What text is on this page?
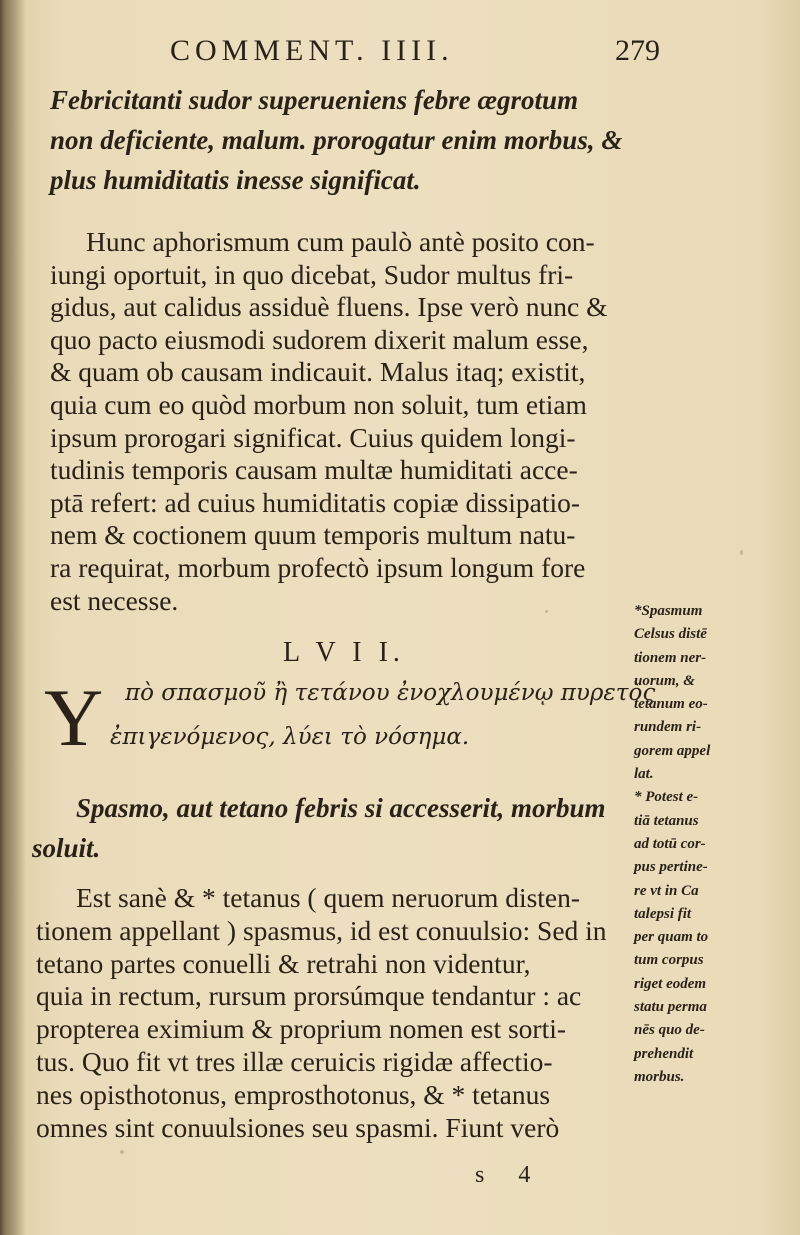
COMMENT. IIII.	279
Febricitanti sudor superueniens febre ægrotum
non deficiente, malum. prorogatur enim morbus, &
plus humiditatis inesse significat.
Hunc aphorismum cum paulò antè posito con-
iungi oportuit, in quo dicebat, Sudor multus fri-
gidus, aut calidus assiduè fluens. Ipse verò nunc &
quo pacto eiusmodi sudorem dixerit malum esse,
& quam ob causam indicauit. Malus itaq; existit,
quia cum eo quòd morbum non soluit, tum etiam
ipsum prorogari significat. Cuius quidem longi-
tudinis temporis causam multæ humiditati acce-
ptā refert: ad cuius humiditatis copiæ dissipatio-
nem & coctionem quum temporis multum natu-
ra requirat, morbum profectò ipsum longum fore
est necesse.
L V I I.
Y πὸ σπασμοῦ ἢ τετάνου ἐνοχλουμένῳ πυρετὸς
ἐπιγενόμενος, λύει τὸ νόσημα.
Spasmo, aut tetano febris si accesserit, morbum
soluit.
Est sanè & * tetanus ( quem neruorum disten-
tionem appellant ) spasmus, id est conuulsio: Sed in
tetano partes conuelli & retrahi non videntur,
quia in rectum, rursum prorsúmque tendantur : ac
propterea eximium & proprium nomen est sorti-
tus. Quo fit vt tres illæ ceruicis rigidæ affectio-
nes opisthotonus, emprosthotonus, & * tetanus
omnes sint conuulsiones seu spasmi. Fiunt verò
*Spasmum
Celsus distē
tionem ner-
uorum, &
tetanum eo-
rundem ri-
gorem appel
lat.
* Potest e-
tiā tetanus
ad totū cor-
pus pertine-
re vt in Ca
talepsi fit
per quam to
tum corpus
riget eodem
statu perma
nēs quo de-
prehendit
morbus.
s 4
